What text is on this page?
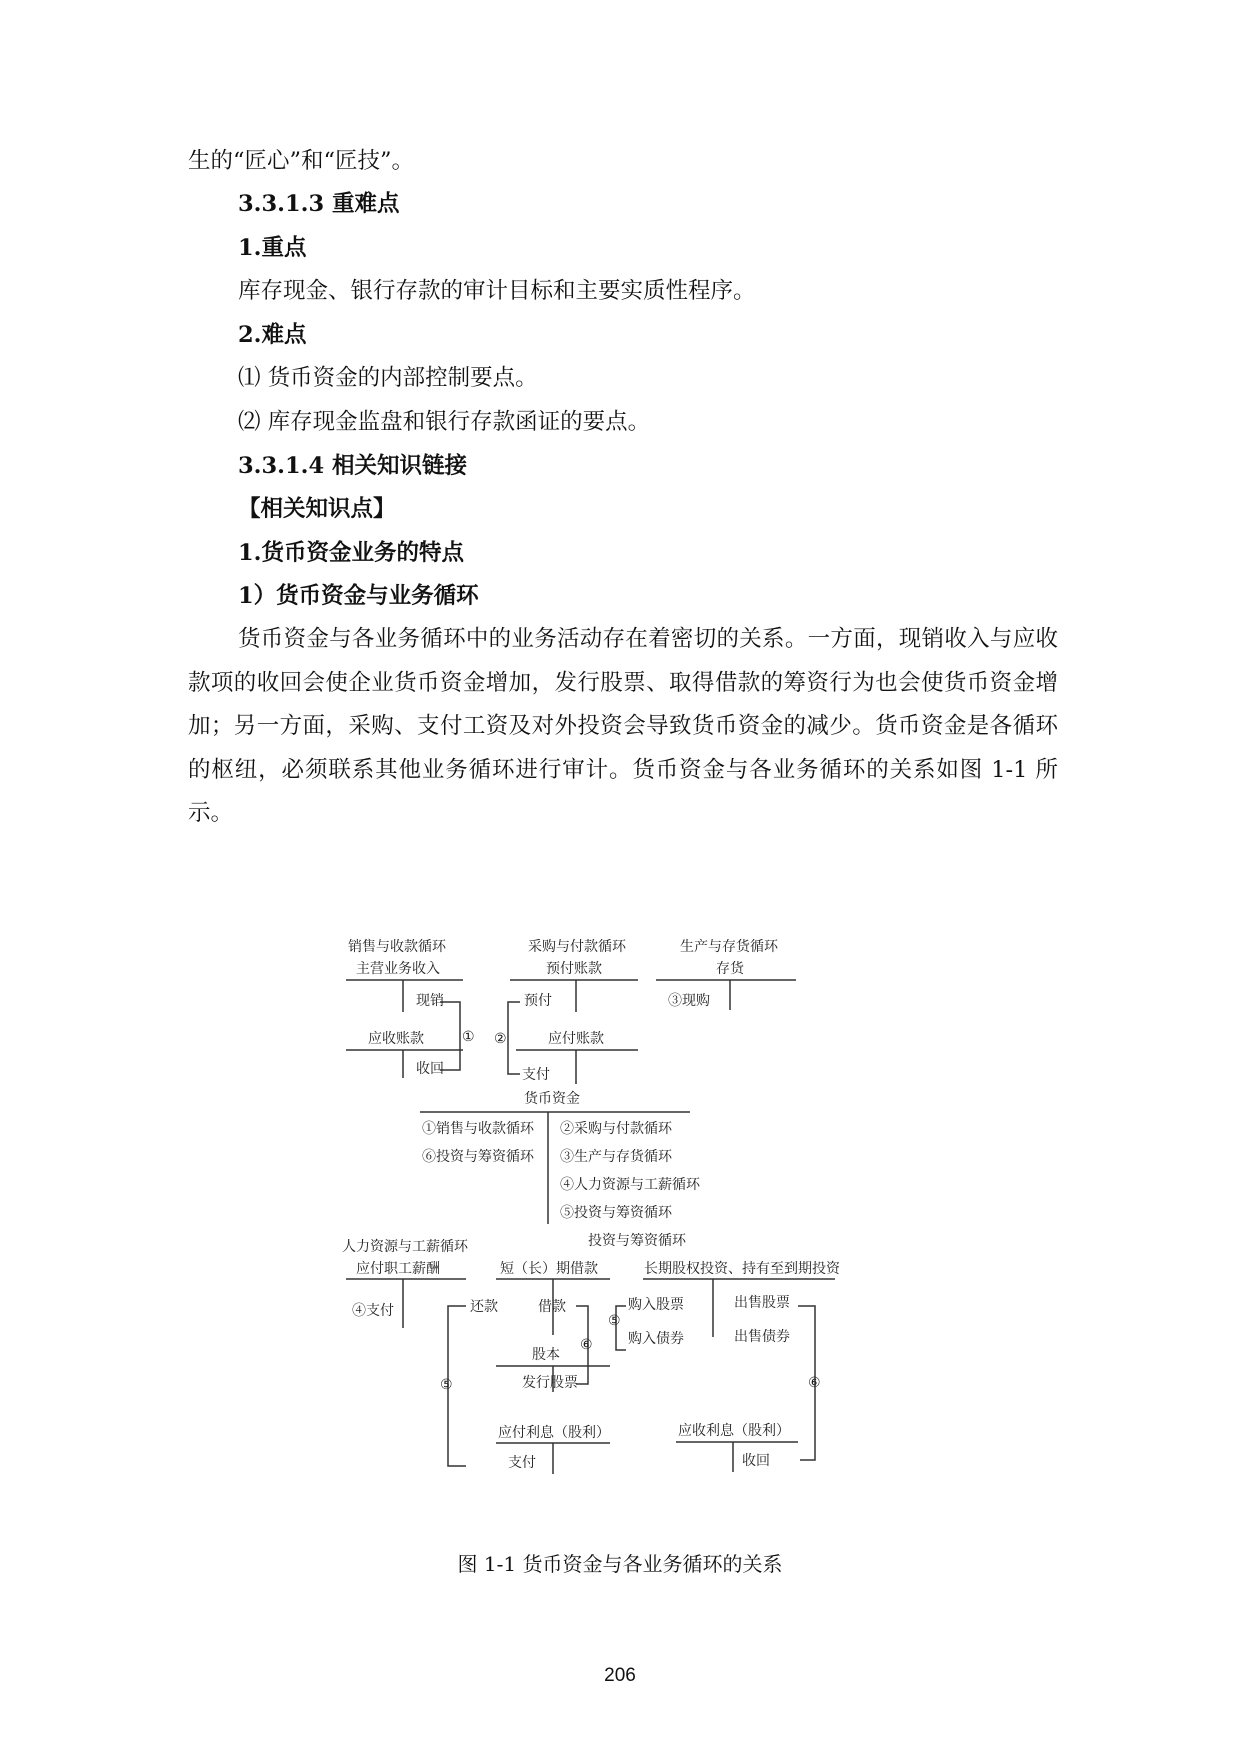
生的“匠心”和“匠技”。
3.3.1.3 重难点
1.重点
库存现金、银行存款的审计目标和主要实质性程序。
2.难点
⑴ 货币资金的内部控制要点。
⑵ 库存现金监盘和银行存款函证的要点。
3.3.1.4 相关知识链接
【相关知识点】
1.货币资金业务的特点
1）货币资金与业务循环
货币资金与各业务循环中的业务活动存在着密切的关系。一方面，现销收入与应收款项的收回会使企业货币资金增加，发行股票、取得借款的筹资行为也会使货币资金增加；另一方面，采购、支付工资及对外投资会导致货币资金的减少。货币资金是各循环的枢纽，必须联系其他业务循环进行审计。货币资金与各业务循环的关系如图 1-1 所示。
销售与收款循环
主营业务收入
现销
应收账款
收回
①
采购与付款循环
预付账款
预付
②	应付账款
支付
生产与存货循环
存货
③现购
货币资金
①销售与收款循环
⑥投资与筹资循环
②采购与付款循环
③生产与存货循环
④人力资源与工薪循环
⑤投资与筹资循环
人力资源与工薪循环
应付职工薪酬
④支付
投资与筹资循环
短（长）期借款
还款	借款
股本
发行股票
⑥
⑤
应付利息（股利）
支付
长期股权投资、持有至到期投资
购入股票
购入债券
⑤
出售股票
出售债券
⑥
应收利息（股利）
收回
图 1-1 货币资金与各业务循环的关系
206
